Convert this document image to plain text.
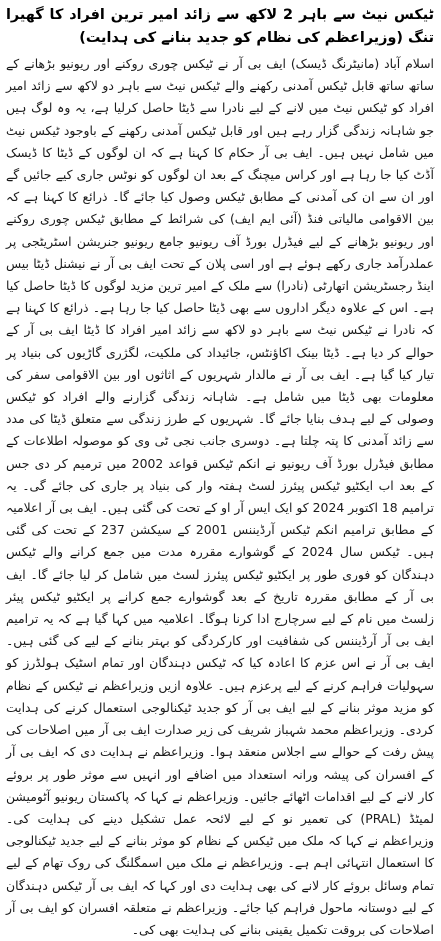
ٹیکس نیٹ سے باہر 2 لاکھ سے زائد امیر ترین افراد کا گھیرا تنگ (وزیراعظم کی نظام کو جدید بنانے کی ہدایت)

اسلام آباد (مانیٹرنگ ڈیسک) ایف بی آر نے ٹیکس چوری روکنے اور ریونیو بڑھانے کے ساتھ ساتھ قابل ٹیکس آمدنی رکھنے والے ٹیکس نیٹ سے باہر دو لاکھ سے زائد امیر افراد کو ٹیکس نیٹ میں لانے کے لیے نادرا سے ڈیٹا حاصل کرلیا ہے، یہ وہ لوگ ہیں جو شاہانہ زندگی گزار رہے ہیں اور قابل ٹیکس آمدنی رکھنے کے باوجود ٹیکس نیٹ میں شامل نہیں ہیں۔ ایف بی آر حکام کا کہنا ہے کہ ان لوگوں کے ڈیٹا کا ڈیسک آڈٹ کیا جا رہا ہے اور کراس میچنگ کے بعد ان لوگوں کو نوٹس جاری کیے جائیں گے اور ان سے ان کی آمدنی کے مطابق ٹیکس وصول کیا جائے گا۔ ذرائع کا کہنا ہے کہ بین الاقوامی مالیاتی فنڈ (آئی ایم ایف) کی شرائط کے مطابق ٹیکس چوری روکنے اور ریونیو بڑھانے کے لیے فیڈرل بورڈ آف ریونیو جامع ریونیو جنریشن اسٹریٹجی پر عملدرآمد جاری رکھے ہوئے ہے اور اسی پلان کے تحت ایف بی آر نے نیشنل ڈیٹا بیس اینڈ رجسٹریشن اتھارٹی (نادرا) سے ملک کے امیر ترین مزید لوگوں کا ڈیٹا حاصل کیا ہے۔ اس کے علاوہ دیگر اداروں سے بھی ڈیٹا حاصل کیا جا رہا ہے۔ ذرائع کا کہنا ہے کہ نادرا نے ٹیکس نیٹ سے باہر دو لاکھ سے زائد امیر افراد کا ڈیٹا ایف بی آر کے حوالے کر دیا ہے۔ ڈیٹا بینک اکاؤنٹس، جائیداد کی ملکیت، لگژری گاڑیوں کی بنیاد پر تیار کیا گیا ہے۔ ایف بی آر نے مالدار شہریوں کے اثاثوں اور بین الاقوامی سفر کی معلومات بھی ڈیٹا میں شامل ہے۔ شاہانہ زندگی گزارنے والے افراد کو ٹیکس وصولی کے لیے ہدف بنایا جائے گا۔ شہریوں کے طرز زندگی سے متعلق ڈیٹا کی مدد سے زائد آمدنی کا پتہ چلتا ہے۔ دوسری جانب نجی ٹی وی کو موصولہ اطلاعات کے مطابق فیڈرل بورڈ آف ریونیو نے انکم ٹیکس قواعد 2002 میں ترمیم کر دی جس کے بعد اب ایکٹیو ٹیکس پیئرز لسٹ ہفتہ وار کی بنیاد پر جاری کی جائے گی۔ یہ ترامیم 18 اکتوبر 2024 کو ایک ایس آر او کے تحت کی گئی ہیں۔ ایف بی آر اعلامیہ کے مطابق ترامیم انکم ٹیکس آرڈیننس 2001 کے سیکشن 237 کے تحت کی گئی ہیں۔ ٹیکس سال 2024 کے گوشوارے مقررہ مدت میں جمع کرانے والے ٹیکس دہندگان کو فوری طور پر ایکٹیو ٹیکس پیئرز لسٹ میں شامل کر لیا جائے گا۔ ایف بی آر کے مطابق مقررہ تاریخ کے بعد گوشوارے جمع کرانے پر ایکٹیو ٹیکس پیئر زلسٹ میں نام کے لیے سرچارج ادا کرنا ہوگا۔ اعلامیہ میں کہا گیا ہے کہ یہ ترامیم ایف بی آر آرڈیننس کی شفافیت اور کارکردگی کو بہتر بنانے کے لیے کی گئی ہیں۔ ایف بی آر نے اس عزم کا اعادہ کیا کہ ٹیکس دہندگان اور تمام اسٹیک ہولڈرز کو سہولیات فراہم کرنے کے لیے پرعزم ہیں۔ علاوہ ازیں وزیراعظم نے ٹیکس کے نظام کو مزید موثر بنانے کے لیے ایف بی آر کو جدید ٹیکنالوجی استعمال کرنے کی ہدایت کردی۔ وزیراعظم محمد شہباز شریف کی زیر صدارت ایف بی آر میں اصلاحات کی پیش رفت کے حوالے سے اجلاس منعقد ہوا۔ وزیراعظم نے ہدایت دی کہ ایف بی آر کے افسران کی پیشہ ورانہ استعداد میں اضافے اور انہیں سے موثر طور پر بروئے کار لانے کے لیے اقدامات اٹھائے جائیں۔ وزیراعظم نے کہا کہ پاکستان ریونیو آٹومیشن لمیٹڈ (PRAL) کی تعمیر نو کے لیے لائحہ عمل تشکیل دینے کی ہدایت کی۔ وزیراعظم نے کہا کہ ملک میں ٹیکس کے نظام کو موثر بنانے کے لیے جدید ٹیکنالوجی کا استعمال انتہائی اہم ہے۔ وزیراعظم نے ملک میں اسمگلنگ کی روک تھام کے لیے تمام وسائل بروئے کار لانے کی بھی ہدایت دی اور کہا کہ ایف بی آر ٹیکس دہندگان کے لیے دوستانہ ماحول فراہم کیا جائے۔ وزیراعظم نے متعلقہ افسران کو ایف بی آر اصلاحات کی بروقت تکمیل یقینی بنانے کی ہدایت بھی کی۔
